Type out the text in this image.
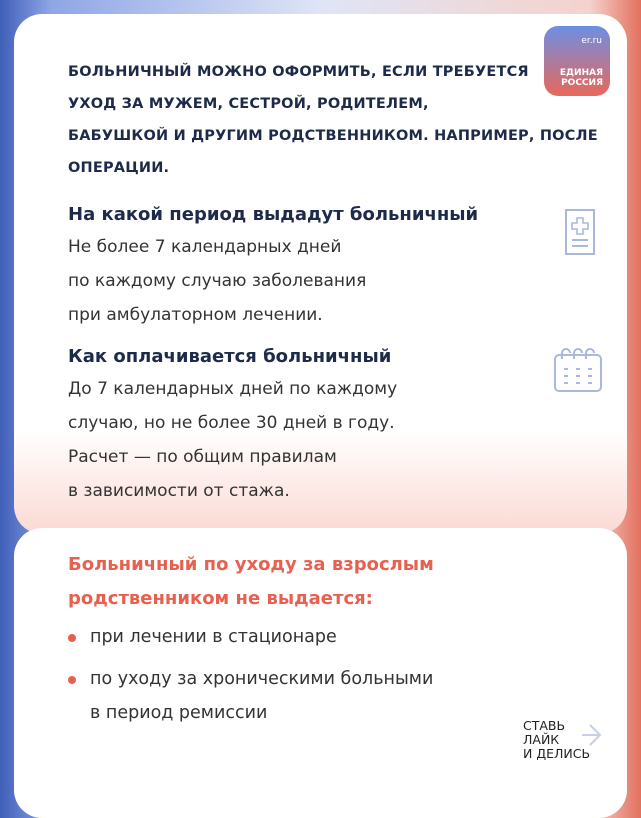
er.ru
ЕДИНАЯ
РОССИЯ
БОЛЬНИЧНЫЙ МОЖНО ОФОРМИТЬ, ЕСЛИ ТРЕБУЕТСЯ УХОД ЗА МУЖЕМ, СЕСТРОЙ, РОДИТЕЛЕМ, БАБУШКОЙ И ДРУГИМ РОДСТВЕННИКОМ. НАПРИМЕР, ПОСЛЕ ОПЕРАЦИИ.
На какой период выдадут больничный

Не более 7 календарных дней

по каждому случаю заболевания

при амбулаторном лечении.

Как оплачивается больничный

До 7 календарных дней по каждому

случаю, но не более 30 дней в году.

Расчет — по общим правилам

в зависимости от стажа.

Больничный по уходу за взрослым
родственником не выдается:
при лечении в стационаре
по уходу за хроническими больными
в период ремиссии
СТАВЬ
ЛАЙК
И ДЕЛИСЬ
